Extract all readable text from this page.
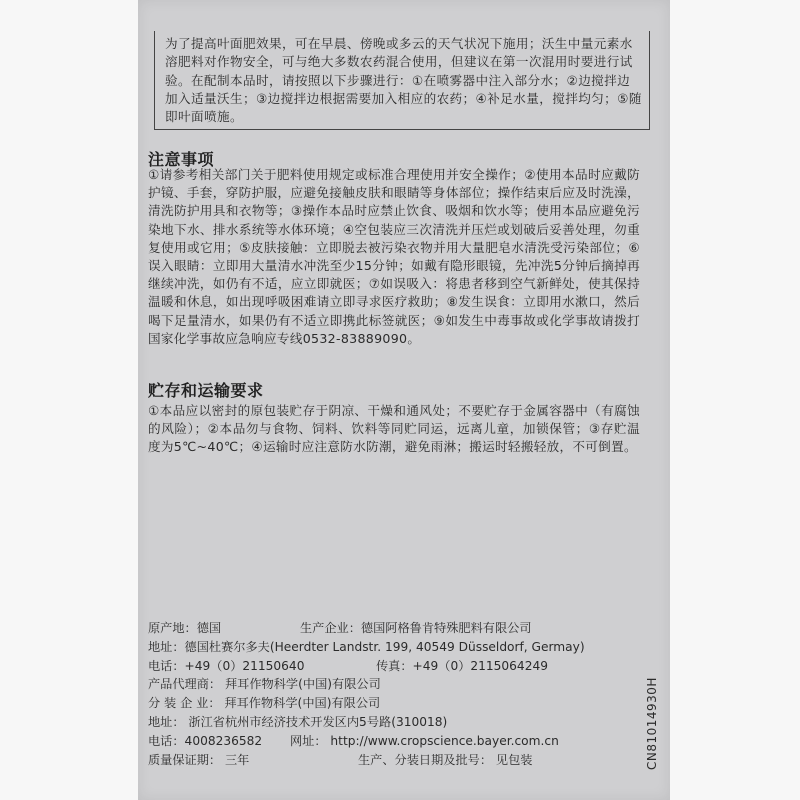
为了提高叶面肥效果，可在早晨、傍晚或多云的天气状况下施用；沃生中量元素水溶肥料对作物安全，可与绝大多数农药混合使用，但建议在第一次混用时要进行试验。在配制本品时，请按照以下步骤进行：①在喷雾器中注入部分水；②边搅拌边加入适量沃生；③边搅拌边根据需要加入相应的农药；④补足水量，搅拌均匀；⑤随即叶面喷施。
注意事项
①请参考相关部门关于肥料使用规定或标准合理使用并安全操作；②使用本品时应戴防护镜、手套，穿防护服，应避免接触皮肤和眼睛等身体部位；操作结束后应及时洗澡，清洗防护用具和衣物等；③操作本品时应禁止饮食、吸烟和饮水等；使用本品应避免污染地下水、排水系统等水体环境；④空包装应三次清洗并压烂或划破后妥善处理，勿重复使用或它用；⑤皮肤接触：立即脱去被污染衣物并用大量肥皂水清洗受污染部位；⑥误入眼睛：立即用大量清水冲洗至少15分钟；如戴有隐形眼镜，先冲洗5分钟后摘掉再继续冲洗，如仍有不适，应立即就医；⑦如误吸入：将患者移到空气新鲜处，使其保持温暖和休息，如出现呼吸困难请立即寻求医疗救助；⑧发生误食：立即用水漱口，然后喝下足量清水，如果仍有不适立即携此标签就医；⑨如发生中毒事故或化学事故请拨打国家化学事故应急响应专线0532-83889090。
贮存和运输要求
①本品应以密封的原包装贮存于阴凉、干燥和通风处；不要贮存于金属容器中（有腐蚀的风险）；②本品勿与食物、饲料、饮料等同贮同运，远离儿童，加锁保管；③存贮温度为5℃~40℃；④运输时应注意防水防潮，避免雨淋；搬运时轻搬轻放，不可倒置。
原产地：德国	生产企业：德国阿格鲁肯特殊肥料有限公司
地址：德国杜赛尔多夫(Heerdter Landstr. 199, 40549 Düsseldorf, Germay)
电话：+49（0）21150640	传真：+49（0）2115064249
产品代理商： 拜耳作物科学(中国)有限公司
分 装 企 业： 拜耳作物科学(中国)有限公司
地址： 浙江省杭州市经济技术开发区内5号路(310018)
电话：4008236582 网址： http://www.cropscience.bayer.com.cn
质量保证期： 三年	生产、分装日期及批号： 见包装	CN81014930H
